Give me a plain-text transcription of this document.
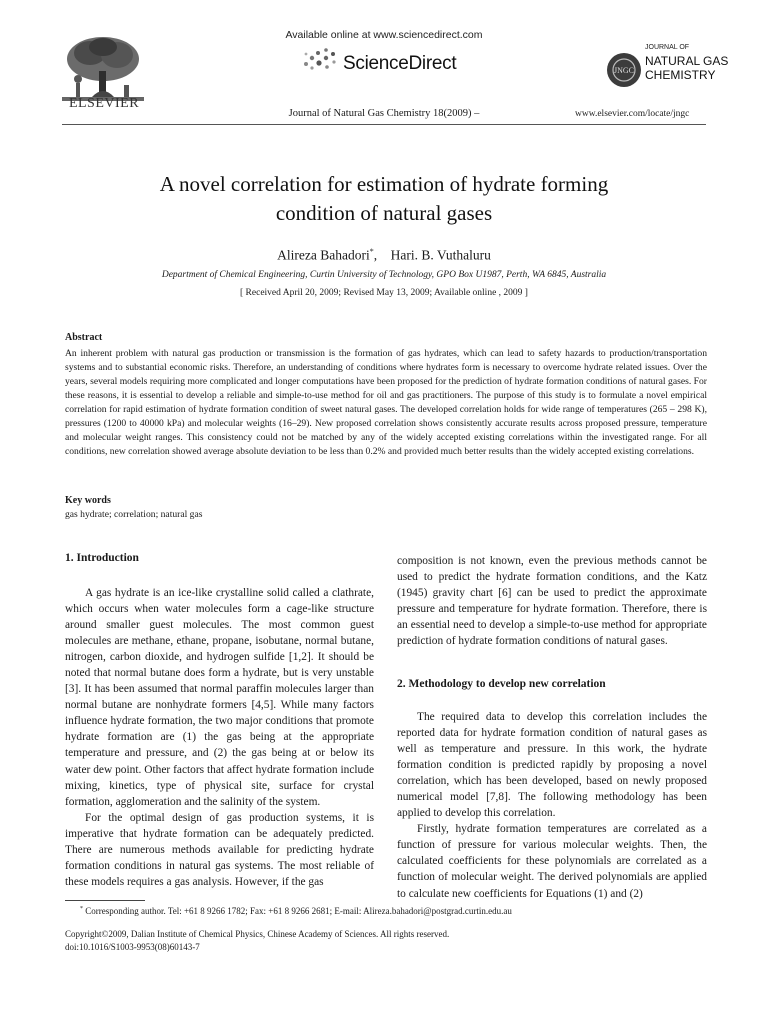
ELSEVIER
Available online at www.sciencedirect.com
ScienceDirect
Journal of Natural Gas Chemistry 18(2009) –
JNGC
JOURNAL OF
NATURAL GAS
CHEMISTRY
www.elsevier.com/locate/jngc
A novel correlation for estimation of hydrate forming
condition of natural gases
Alireza Bahadori*,    Hari. B. Vuthaluru
Department of Chemical Engineering, Curtin University of Technology, GPO Box U1987, Perth, WA 6845, Australia
[ Received April 20, 2009; Revised May 13, 2009; Available online , 2009 ]
Abstract
An inherent problem with natural gas production or transmission is the formation of gas hydrates, which can lead to safety hazards to production/transportation systems and to substantial economic risks. Therefore, an understanding of conditions where hydrates form is necessary to overcome hydrate related issues. Over the years, several models requiring more complicated and longer computations have been proposed for the prediction of hydrate formation conditions of natural gases. For these reasons, it is essential to develop a reliable and simple-to-use method for oil and gas practitioners. The purpose of this study is to formulate a novel empirical correlation for rapid estimation of hydrate formation condition of sweet natural gases. The developed correlation holds for wide range of temperatures (265 – 298 K), pressures (1200 to 40000 kPa) and molecular weights (16–29). New proposed correlation shows consistently accurate results across proposed pressure, temperature and molecular weight ranges. This consistency could not be matched by any of the widely accepted existing correlations within the investigated range. For all conditions, new correlation showed average absolute deviation to be less than 0.2% and provided much better results than the widely accepted existing correlations.
Key words
gas hydrate; correlation; natural gas
1. Introduction

A gas hydrate is an ice-like crystalline solid called a clathrate, which occurs when water molecules form a cage-like structure around smaller guest molecules. The most common guest molecules are methane, ethane, propane, isobutane, normal butane, nitrogen, carbon dioxide, and hydrogen sulfide [1,2]. It should be noted that normal butane does form a hydrate, but is very unstable [3]. It has been assumed that normal paraffin molecules larger than normal butane are nonhydrate formers [4,5]. While many factors influence hydrate formation, the two major conditions that promote hydrate formation are (1) the gas being at the appropriate temperature and pressure, and (2) the gas being at or below its water dew point. Other factors that affect hydrate formation include mixing, kinetics, type of physical site, surface for crystal formation, agglomeration and the salinity of the system.

For the optimal design of gas production systems, it is imperative that hydrate formation can be adequately predicted. There are numerous methods available for predicting hydrate formation conditions in natural gas systems. The most reliable of these models requires a gas analysis. However, if the gas

composition is not known, even the previous methods cannot be used to predict the hydrate formation conditions, and the Katz (1945) gravity chart [6] can be used to predict the approximate pressure and temperature for hydrate formation. Therefore, there is an essential need to develop a simple-to-use method for appropriate prediction of hydrate formation conditions of natural gases.

2. Methodology to develop new correlation

The required data to develop this correlation includes the reported data for hydrate formation condition of natural gases as well as temperature and pressure. In this work, the hydrate formation condition is predicted rapidly by proposing a novel correlation, which has been developed, based on newly proposed numerical model [7,8]. The following methodology has been applied to develop this correlation.

Firstly, hydrate formation temperatures are correlated as a function of pressure for various molecular weights. Then, the calculated coefficients for these polynomials are correlated as a function of molecular weight. The derived polynomials are applied to calculate new coefficients for Equations (1) and (2)

* Corresponding author. Tel: +61 8 9266 1782; Fax: +61 8 9266 2681; E-mail: Alireza.bahadori@postgrad.curtin.edu.au
Copyright©2009, Dalian Institute of Chemical Physics, Chinese Academy of Sciences. All rights reserved.
doi:10.1016/S1003-9953(08)60143-7
